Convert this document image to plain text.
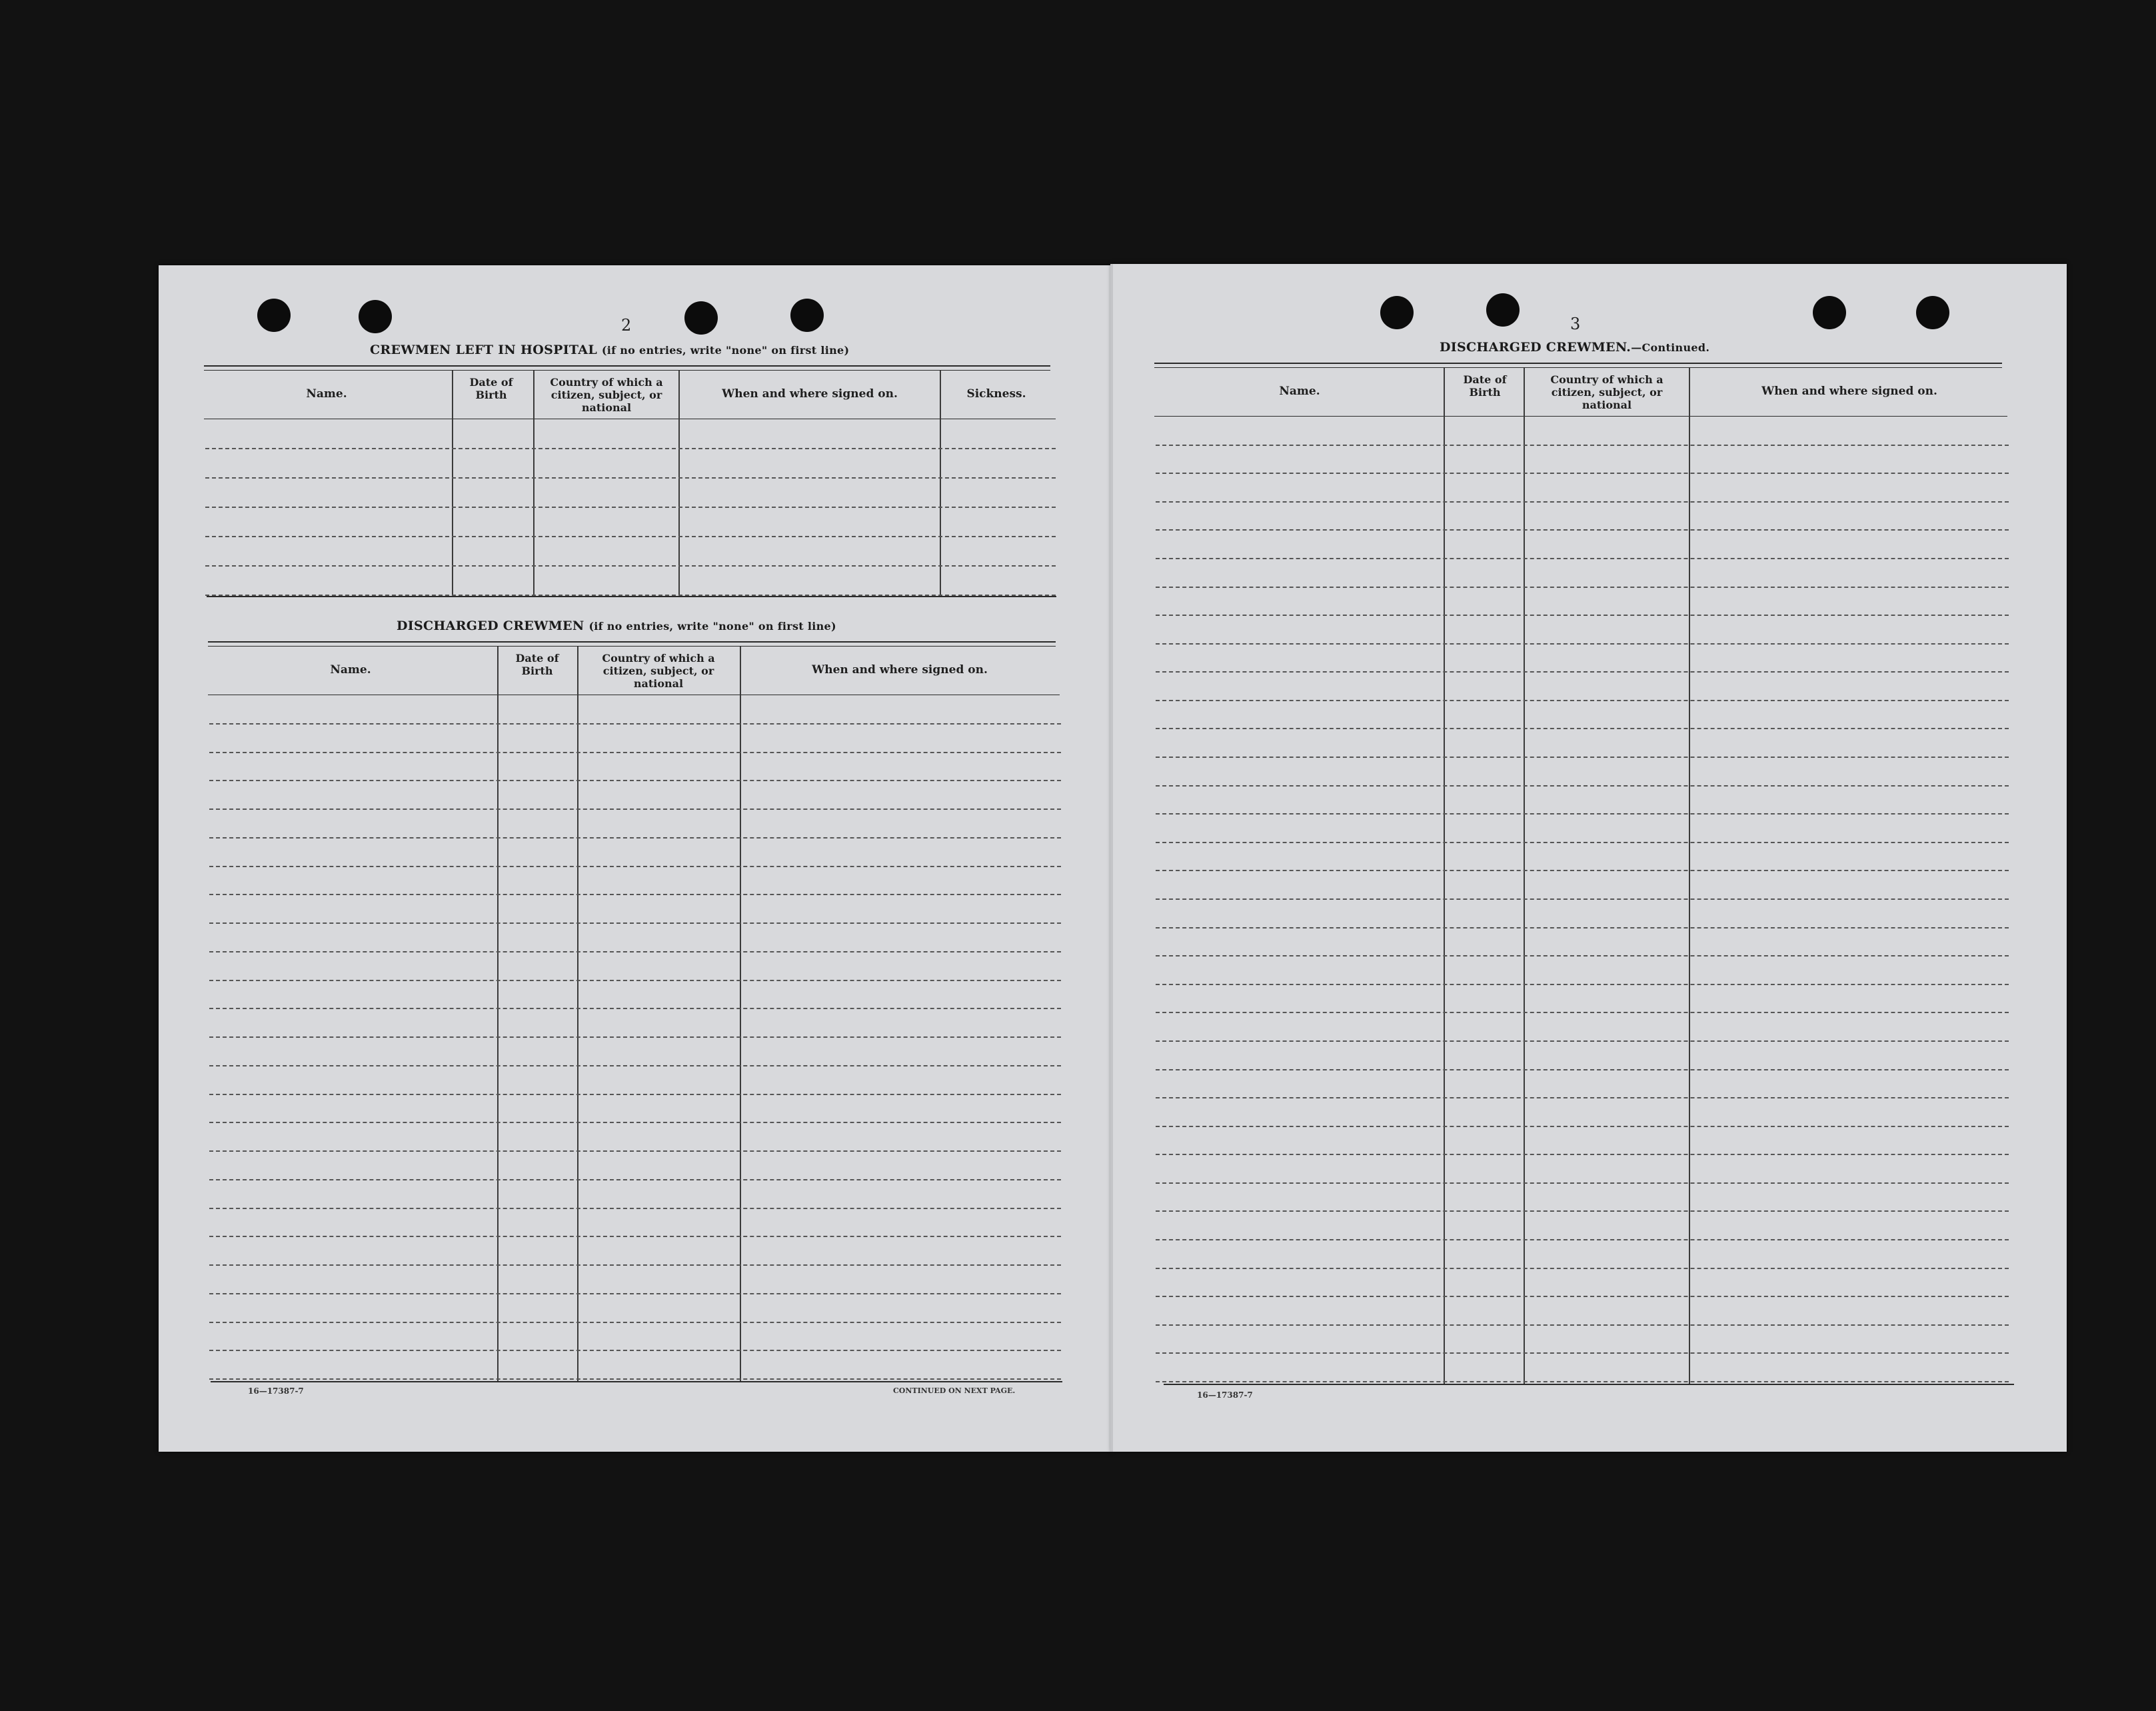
2
CREWMEN LEFT IN HOSPITAL (if no entries, write "none" on first line)
Name.
Date of Birth
Country of which a citizen, subject, or national
When and where signed on.	Sickness.
DISCHARGED CREWMEN (if no entries, write "none" on first line)
Name.
Date of Birth
Country of which a citizen, subject, or national
When and where signed on.
16—17387-7	CONTINUED ON NEXT PAGE.
3
DISCHARGED CREWMEN.—Continued.
Name.
Date of Birth
Country of which a citizen, subject, or national
When and where signed on.
16—17387-7
